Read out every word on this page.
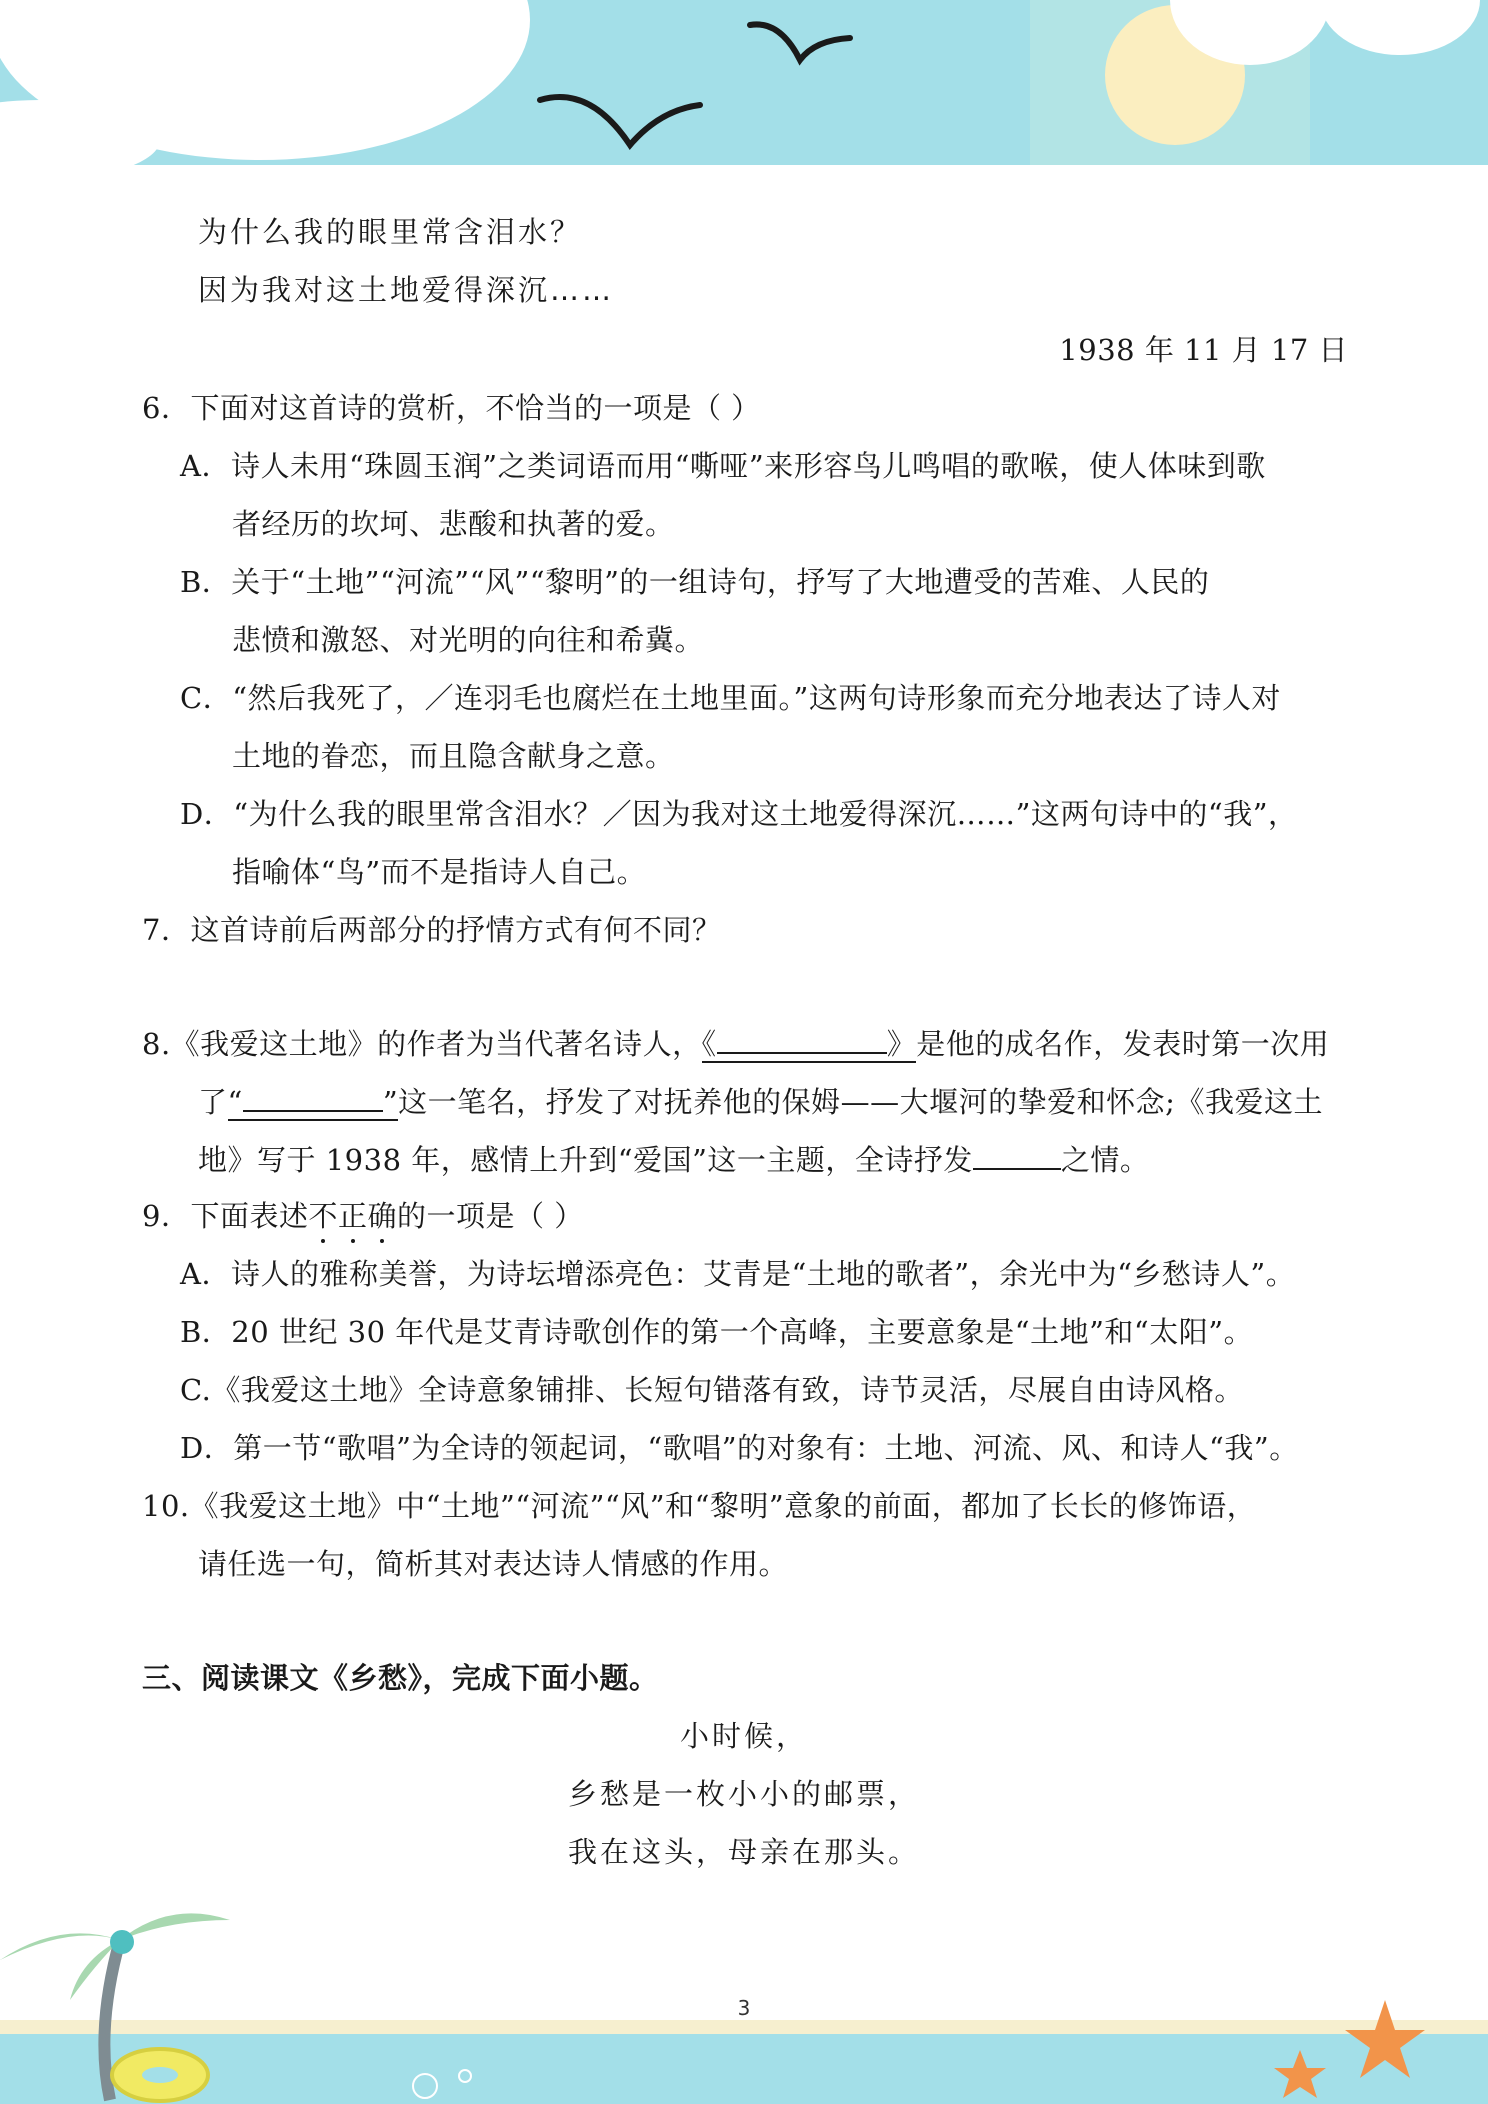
为什么我的眼里常含泪水？
因为我对这土地爱得深沉……
1938 年 11 月 17 日
6．下面对这首诗的赏析，不恰当的一项是（ ）
A．诗人未用“珠圆玉润”之类词语而用“嘶哑”来形容鸟儿鸣唱的歌喉，使人体味到歌
者经历的坎坷、悲酸和执著的爱。
B．关于“土地”“河流”“风”“黎明”的一组诗句，抒写了大地遭受的苦难、人民的
悲愤和激怒、对光明的向往和希冀。
C．“然后我死了，／连羽毛也腐烂在土地里面。”这两句诗形象而充分地表达了诗人对
土地的眷恋，而且隐含献身之意。
D．“为什么我的眼里常含泪水？／因为我对这土地爱得深沉……”这两句诗中的“我”，
指喻体“鸟”而不是指诗人自己。
7．这首诗前后两部分的抒情方式有何不同？
8.《我爱这土地》的作者为当代著名诗人，《	》是他的成名作，发表时第一次用
了“	”这一笔名，抒发了对抚养他的保姆——大堰河的挚爱和怀念;《我爱这土
地》写于 1938 年，感情上升到“爱国”这一主题，全诗抒发	之情。
9．下面表述不正确的一项是（ ）
A．诗人的雅称美誉，为诗坛增添亮色：艾青是“土地的歌者”，余光中为“乡愁诗人”。
B．20 世纪 30 年代是艾青诗歌创作的第一个高峰，主要意象是“土地”和“太阳”。
C.《我爱这土地》全诗意象铺排、长短句错落有致，诗节灵活，尽展自由诗风格。
D．第一节“歌唱”为全诗的领起词，“歌唱”的对象有：土地、河流、风、和诗人“我”。
10.《我爱这土地》中“土地”“河流”“风”和“黎明”意象的前面，都加了长长的修饰语，
请任选一句，简析其对表达诗人情感的作用。
三、阅读课文《乡愁》，完成下面小题。
小时候，
乡愁是一枚小小的邮票，
我在这头，母亲在那头。
3
